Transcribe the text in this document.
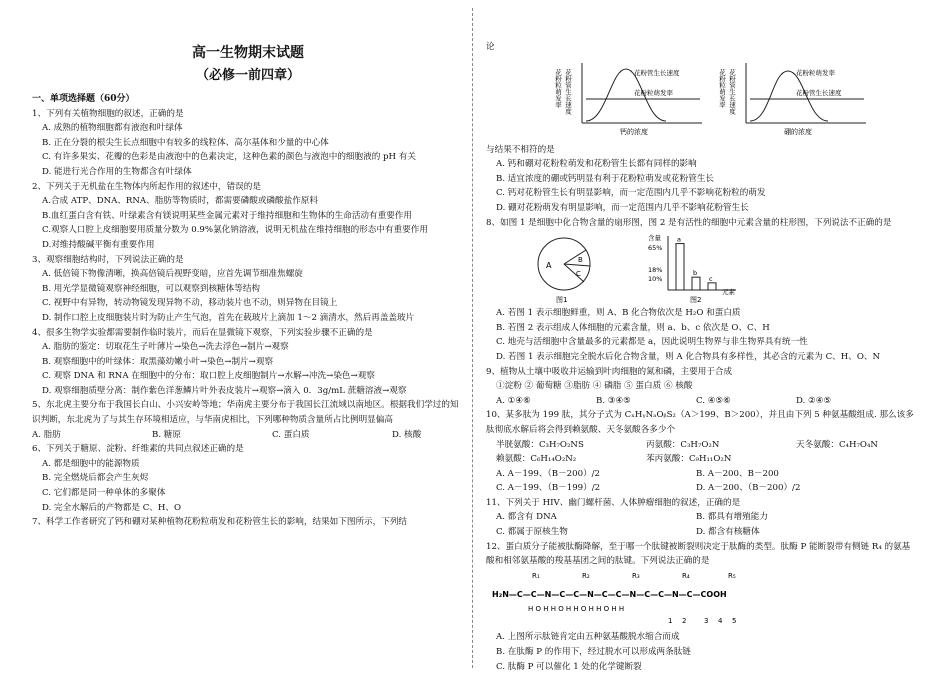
高一生物期末试题
（必修一前四章）
一、单项选择题（60分）
1、下列有关植物细胞的叙述，正确的是
A. 成熟的植物细胞都有液泡和叶绿体
B. 正在分裂的根尖生长点细胞中有较多的线粒体、高尔基体和少量的中心体
C. 有许多果实、花瓣的色彩是由液泡中的色素决定，这种色素的颜色与液泡中的细胞液的 pH 有关
D. 能进行光合作用的生物都含有叶绿体
2、下列关于无机盐在生物体内所起作用的叙述中，错误的是
A.合成 ATP、DNA、RNA、脂肪等物质时，都需要磷酸或磷酸盐作原料
B.血红蛋白含有铁、叶绿素含有镁说明某些金属元素对于维持细胞和生物体的生命活动有重要作用
C.观察人口腔上皮细胞要用质量分数为 0.9%氯化钠溶液，说明无机盐在维持细胞的形态中有重要作用
D.对维持酸碱平衡有重要作用
3、观察细胞结构时，下列说法正确的是
A. 低倍镜下物像清晰，换高倍镜后视野变暗，应首先调节细准焦螺旋
B. 用光学显微镜观察神经细胞，可以观察到核糖体等结构
C. 视野中有异物，转动物镜发现异物不动，移动装片也不动，则异物在目镜上
D. 制作口腔上皮细胞装片时为防止产生气泡，首先在载玻片上滴加 1～2 滴清水，然后再盖盖玻片
4、很多生物学实验都需要制作临时装片，而后在显微镜下观察，下列实验步骤不正确的是
A. 脂肪的鉴定：切取花生子叶薄片→染色→洗去浮色→制片→观察
B. 观察细胞中的叶绿体：取黑藻幼嫩小叶→染色→制片→观察
C. 观察 DNA 和 RNA 在细胞中的分布：取口腔上皮细胞制片→水解→冲洗→染色→观察
D. 观察细胞质壁分离：制作紫色洋葱鳞片叶外表皮装片→观察→滴入 0．3g/mL 蔗糖溶液→观察
5、东北虎主要分布于我国长白山、小兴安岭等地；华南虎主要分布于我国长江流域以南地区。根据我们学过的知识判断，东北虎为了与其生存环境相适应，与华南虎相比，下列哪种物质含量所占比例明显偏高
A. 脂肪	B. 糖原	C. 蛋白质	D. 核酸
6、下列关于糖原、淀粉、纤维素的共同点叙述正确的是
A. 都是细胞中的能源物质
B. 完全燃烧后都会产生灰烬
C. 它们都是同一种单体的多聚体
D. 完全水解后的产物都是 C、H、O
7、科学工作者研究了钙和硼对某种植物花粉粒萌发和花粉管生长的影响，结果如下图所示，下列结
论
花粉粒萌发率 花粉管生长速度	花粉管生长速度
花粉粒萌发率
钙的浓度
花粉粒萌发率 花粉管生长速度	花粉粒萌发率
花粉管生长速度
硼的浓度
与结果不相符的是
A. 钙和硼对花粉粒萌发和花粉管生长都有同样的影响
B. 适宜浓度的硼或钙明显有利于花粉粒萌发或花粉管生长
C. 钙对花粉管生长有明显影响，而一定范围内几乎不影响花粉粒的萌发
D. 硼对花粉萌发有明显影响，而一定范围内几乎不影响花粉管生长
8、如图 1 是细胞中化合物含量的扇形图，图 2 是有活性的细胞中元素含量的柱形图，下列说法不正确的是
A
B
C
图1
含量
65%
18%
10%
a
b
c
元素
图2
A. 若图 1 表示细胞鲜重，则 A、B 化合物依次是 H₂O 和蛋白质
B. 若图 2 表示组成人体细胞的元素含量，则 a、b、c 依次是 O、C、H
C. 地壳与活细胞中含量最多的元素都是 a，因此说明生物界与非生物界具有统一性
D. 若图 1 表示细胞完全脱水后化合物含量，则 A 化合物具有多样性，其必含的元素为 C、H、O、N
9、植物从土壤中吸收并运输到叶肉细胞的氮和磷，主要用于合成
①淀粉 ② 葡萄糖 ③脂肪 ④ 磷脂 ⑤ 蛋白质 ⑥ 核酸
A. ①④⑥	B. ③④⑤	C. ④⑤⑥	D. ②④⑤
10、某多肽为 199 肽，其分子式为 CₓHᵧNₐOᵦS₂（A＞199、B＞200），并且由下列 5 种氨基酸组成. 那么该多肽彻底水解后将会得到赖氨酸、天冬氨酸各多少个
半胱氨酸：C₃H₇O₂NS	丙氨酸：C₃H₇O₂N	天冬氨酸：C₄H₇O₄N
赖氨酸：C₆H₁₄O₂N₂	苯丙氨酸：C₉H₁₁O₂N
A. A－199、（B－200）/2	B. A－200、B－200
C. A－199、（B－199）/2	D. A－200、（B－200）/2
11、下列关于 HIV、幽门螺杆菌、人体肿瘤细胞的叙述，正确的是
A. 都含有 DNA	B. 都具有增殖能力
C. 都属于原核生物	D. 都含有核糖体
12、蛋白质分子能被肽酶降解，至于哪一个肽键被断裂则决定于肽酶的类型。肽酶 P 能断裂带有侧链 R₄ 的氨基酸和相邻氨基酸的羧基基团之间的肽键。下列说法正确的是
R₁	R₂	R₃	R₄	R₅
H₂N—C—C—N—C—C—N—C—C—N—C—C—N—C—COOH
H O H H O H H O H H O H H
1 2	3 4 5
A. 上图所示肽链肯定由五种氨基酸脱水缩合而成
B. 在肽酶 P 的作用下，经过脱水可以形成两条肽链
C. 肽酶 P 可以催化 1 处的化学键断裂
